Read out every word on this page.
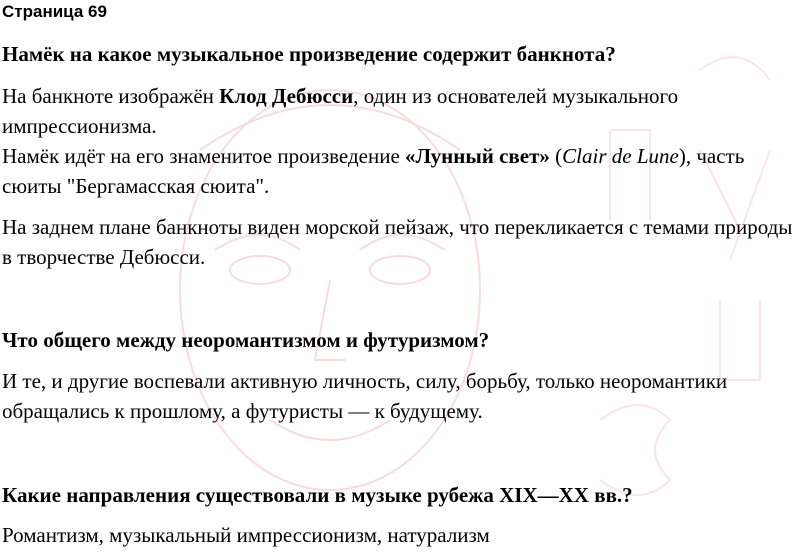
Страница 69
Намёк на какое музыкальное произведение содержит банкнота?
На банкноте изображён Клод Дебюсси, один из основателей музыкального импрессионизма.
Намёк идёт на его знаменитое произведение «Лунный свет» (Clair de Lune), часть сюиты "Бергамасская сюита".
На заднем плане банкноты виден морской пейзаж, что перекликается с темами природы в творчестве Дебюсси.
Что общего между неоромантизмом и футуризмом?
И те, и другие воспевали активную личность, силу, борьбу, только неоромантики обращались к прошлому, а футуристы — к будущему.
Какие направления существовали в музыке рубежа XIX—XX вв.?
Романтизм, музыкальный импрессионизм, натурализм
